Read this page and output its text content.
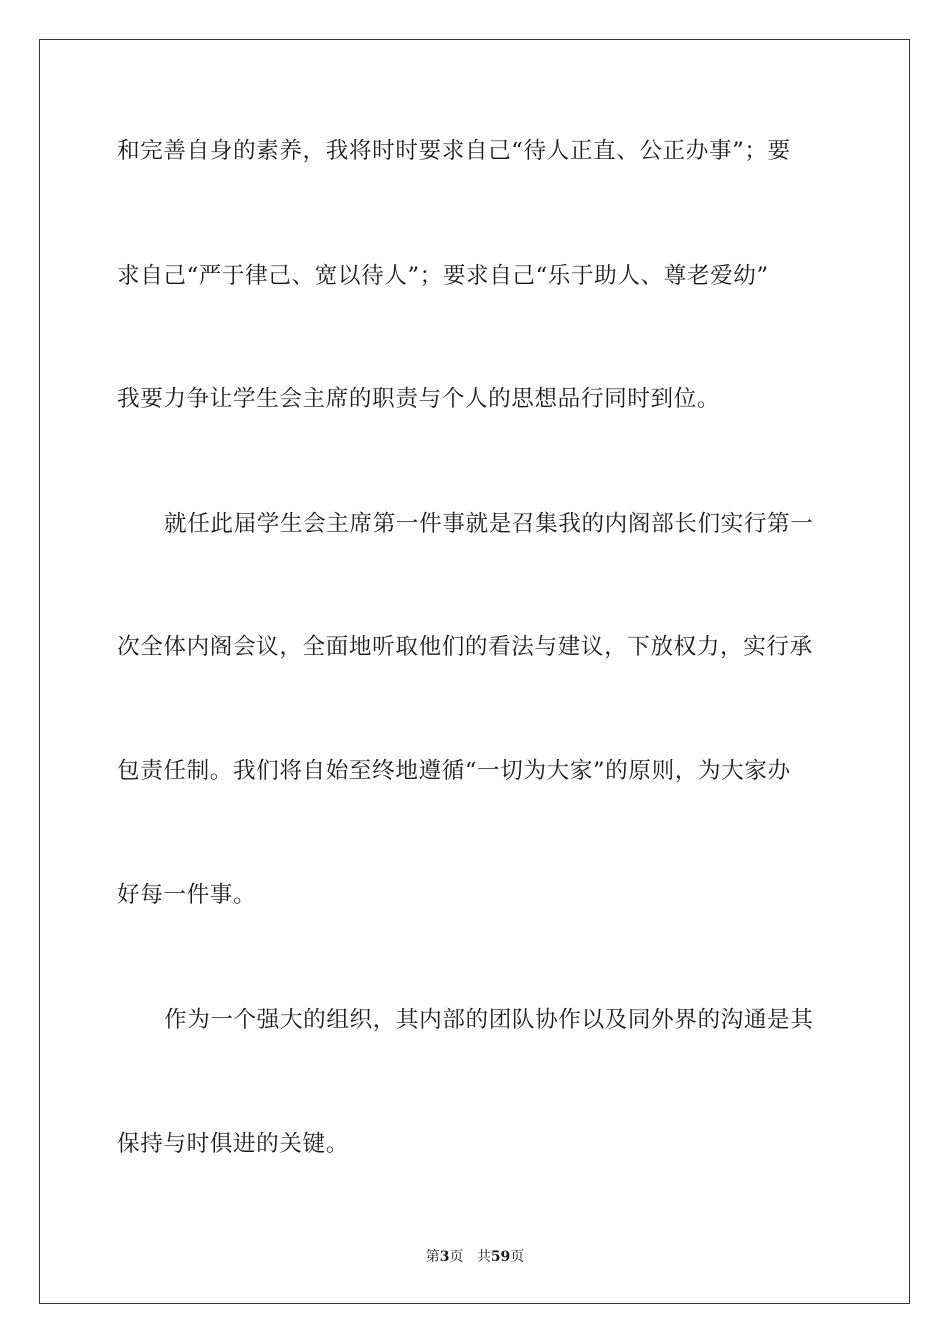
和完善自身的素养，我将时时要求自己“待人正直、公正办事”；要
求自己“严于律己、宽以待人”；要求自己“乐于助人、尊老爱幼”
我要力争让学生会主席的职责与个人的思想品行同时到位。
就任此届学生会主席第一件事就是召集我的内阁部长们实行第一
次全体内阁会议，全面地听取他们的看法与建议，下放权力，实行承
包责任制。我们将自始至终地遵循“一切为大家”的原则，为大家办
好每一件事。
作为一个强大的组织，其内部的团队协作以及同外界的沟通是其
保持与时俱进的关键。
第3页 共59页
